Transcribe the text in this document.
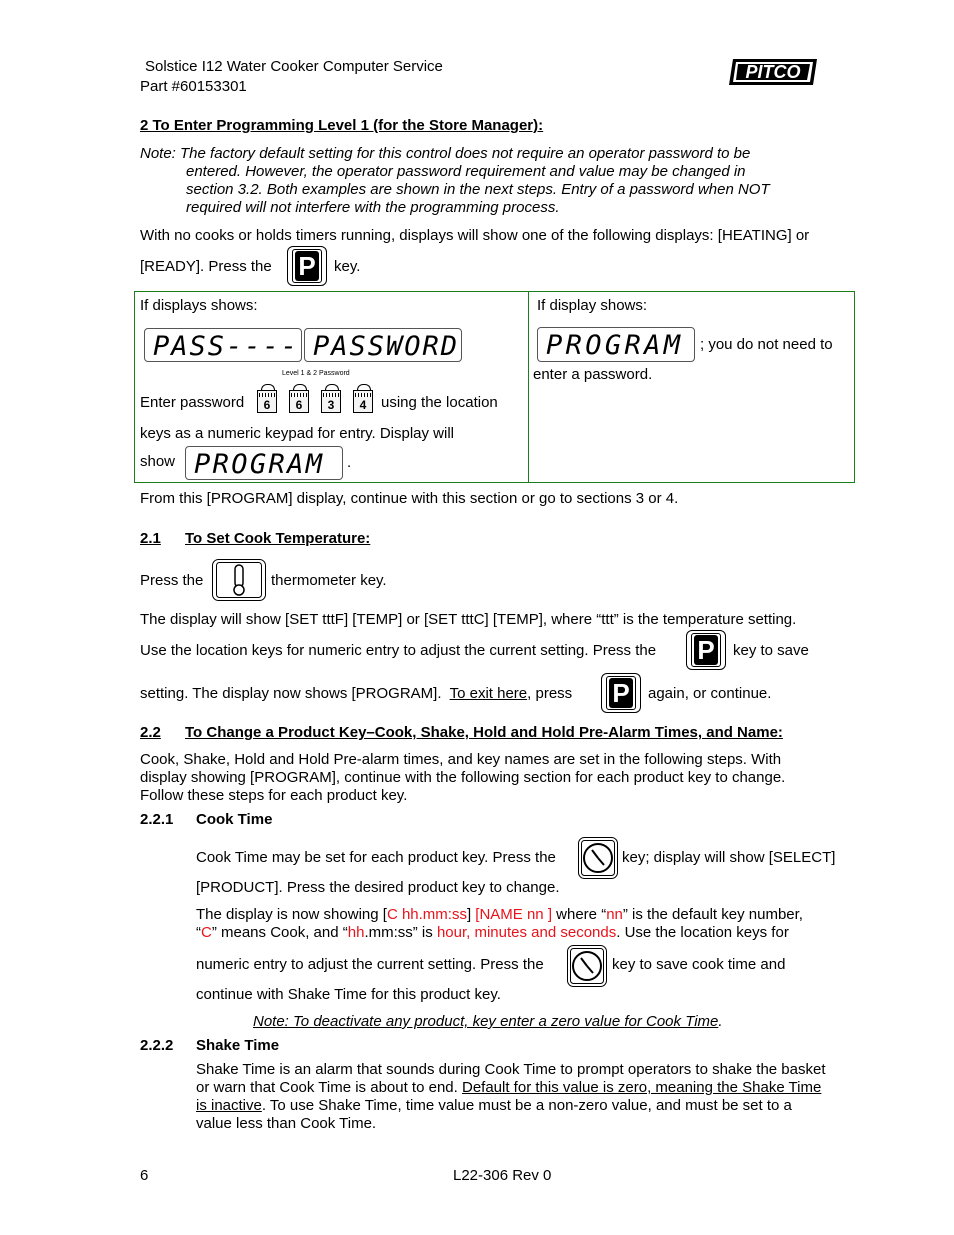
Solstice I12 Water Cooker Computer Service
Part #60153301
PITCO
2 To Enter Programming Level 1 (for the Store Manager):
Note: The factory default setting for this control does not require an operator password to be
entered. However, the operator password requirement and value may be changed in
section 3.2. Both examples are shown in the next steps. Entry of a password when NOT
required will not interfere with the programming process.
With no cooks or holds timers running, displays will show one of the following displays: [HEATING] or
[READY]. Press the P key.
If displays shows:
PASS---- PASSWORD
Level 1 & 2 Password
Enter password	6	6	3	4 using the location
keys as a numeric keypad for entry. Display will
show PROGRAM .
If display shows:
PROGRAM ; you do not need to
enter a password.
From this [PROGRAM] display, continue with this section or go to sections 3 or 4.
2.1 To Set Cook Temperature:
Press the	thermometer key.
The display will show [SET tttF] [TEMP] or [SET tttC] [TEMP], where “ttt” is the temperature setting.
Use the location keys for numeric entry to adjust the current setting. Press the P key to save
setting. The display now shows [PROGRAM]. To exit here, press P again, or continue.
2.2 To Change a Product Key–Cook, Shake, Hold and Hold Pre-Alarm Times, and Name:
Cook, Shake, Hold and Hold Pre-alarm times, and key names are set in the following steps. With
display showing [PROGRAM], continue with the following section for each product key to change.
Follow these steps for each product key.
2.2.1 Cook Time
Cook Time may be set for each product key. Press the	key; display will show [SELECT]
[PRODUCT]. Press the desired product key to change.
The display is now showing [C hh.mm:ss] [NAME nn ] where “nn” is the default key number,
“C” means Cook, and “hh.mm:ss” is hour, minutes and seconds. Use the location keys for
numeric entry to adjust the current setting. Press the	key to save cook time and
continue with Shake Time for this product key.
Note: To deactivate any product, key enter a zero value for Cook Time.
2.2.2 Shake Time
Shake Time is an alarm that sounds during Cook Time to prompt operators to shake the basket
or warn that Cook Time is about to end. Default for this value is zero, meaning the Shake Time
is inactive. To use Shake Time, time value must be a non-zero value, and must be set to a
value less than Cook Time.
6	L22-306 Rev 0
